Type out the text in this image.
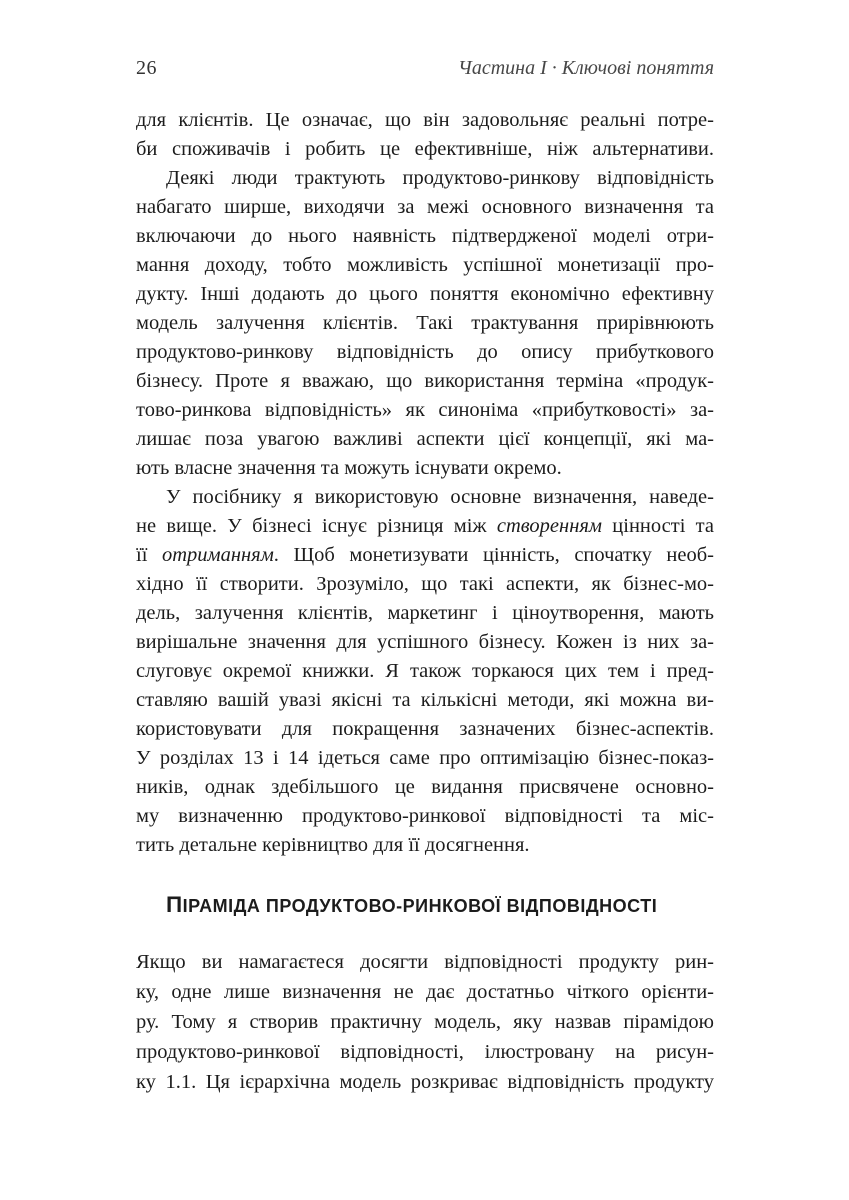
26	Частина I · Ключові поняття
для клієнтів. Це означає, що він задовольняє реальні потре-
би споживачів і робить це ефективніше, ніж альтернативи.
Деякі люди трактують продуктово-ринкову відповідність
набагато ширше, виходячи за межі основного визначення та
включаючи до нього наявність підтвердженої моделі отри-
мання доходу, тобто можливість успішної монетизації про-
дукту. Інші додають до цього поняття економічно ефективну
модель залучення клієнтів. Такі трактування прирівнюють
продуктово-ринкову відповідність до опису прибуткового
бізнесу. Проте я вважаю, що використання терміна «продук-
тово-ринкова відповідність» як синоніма «прибутковості» за-
лишає поза увагою важливі аспекти цієї концепції, які ма-
ють власне значення та можуть існувати окремо.
У посібнику я використовую основне визначення, наведе-
не вище. У бізнесі існує різниця між створенням цінності та
її отриманням. Щоб монетизувати цінність, спочатку необ-
хідно її створити. Зрозуміло, що такі аспекти, як бізнес-мо-
дель, залучення клієнтів, маркетинг і ціноутворення, мають
вирішальне значення для успішного бізнесу. Кожен із них за-
слуговує окремої книжки. Я також торкаюся цих тем і пред-
ставляю вашій увазі якісні та кількісні методи, які можна ви-
користовувати для покращення зазначених бізнес-аспектів.
У розділах 13 і 14 ідеться саме про оптимізацію бізнес-показ-
ників, однак здебільшого це видання присвячене основно-
му визначенню продуктово-ринкової відповідності та міс-
тить детальне керівництво для її досягнення.
ПІРАМІДА ПРОДУКТОВО-РИНКОВОЇ ВІДПОВІДНОСТІ
Якщо ви намагаєтеся досягти відповідності продукту рин-
ку, одне лише визначення не дає достатньо чіткого орієнти-
ру. Тому я створив практичну модель, яку назвав пірамідою
продуктово-ринкової відповідності, ілюстровану на рисун-
ку 1.1. Ця ієрархічна модель розкриває відповідність продукту
